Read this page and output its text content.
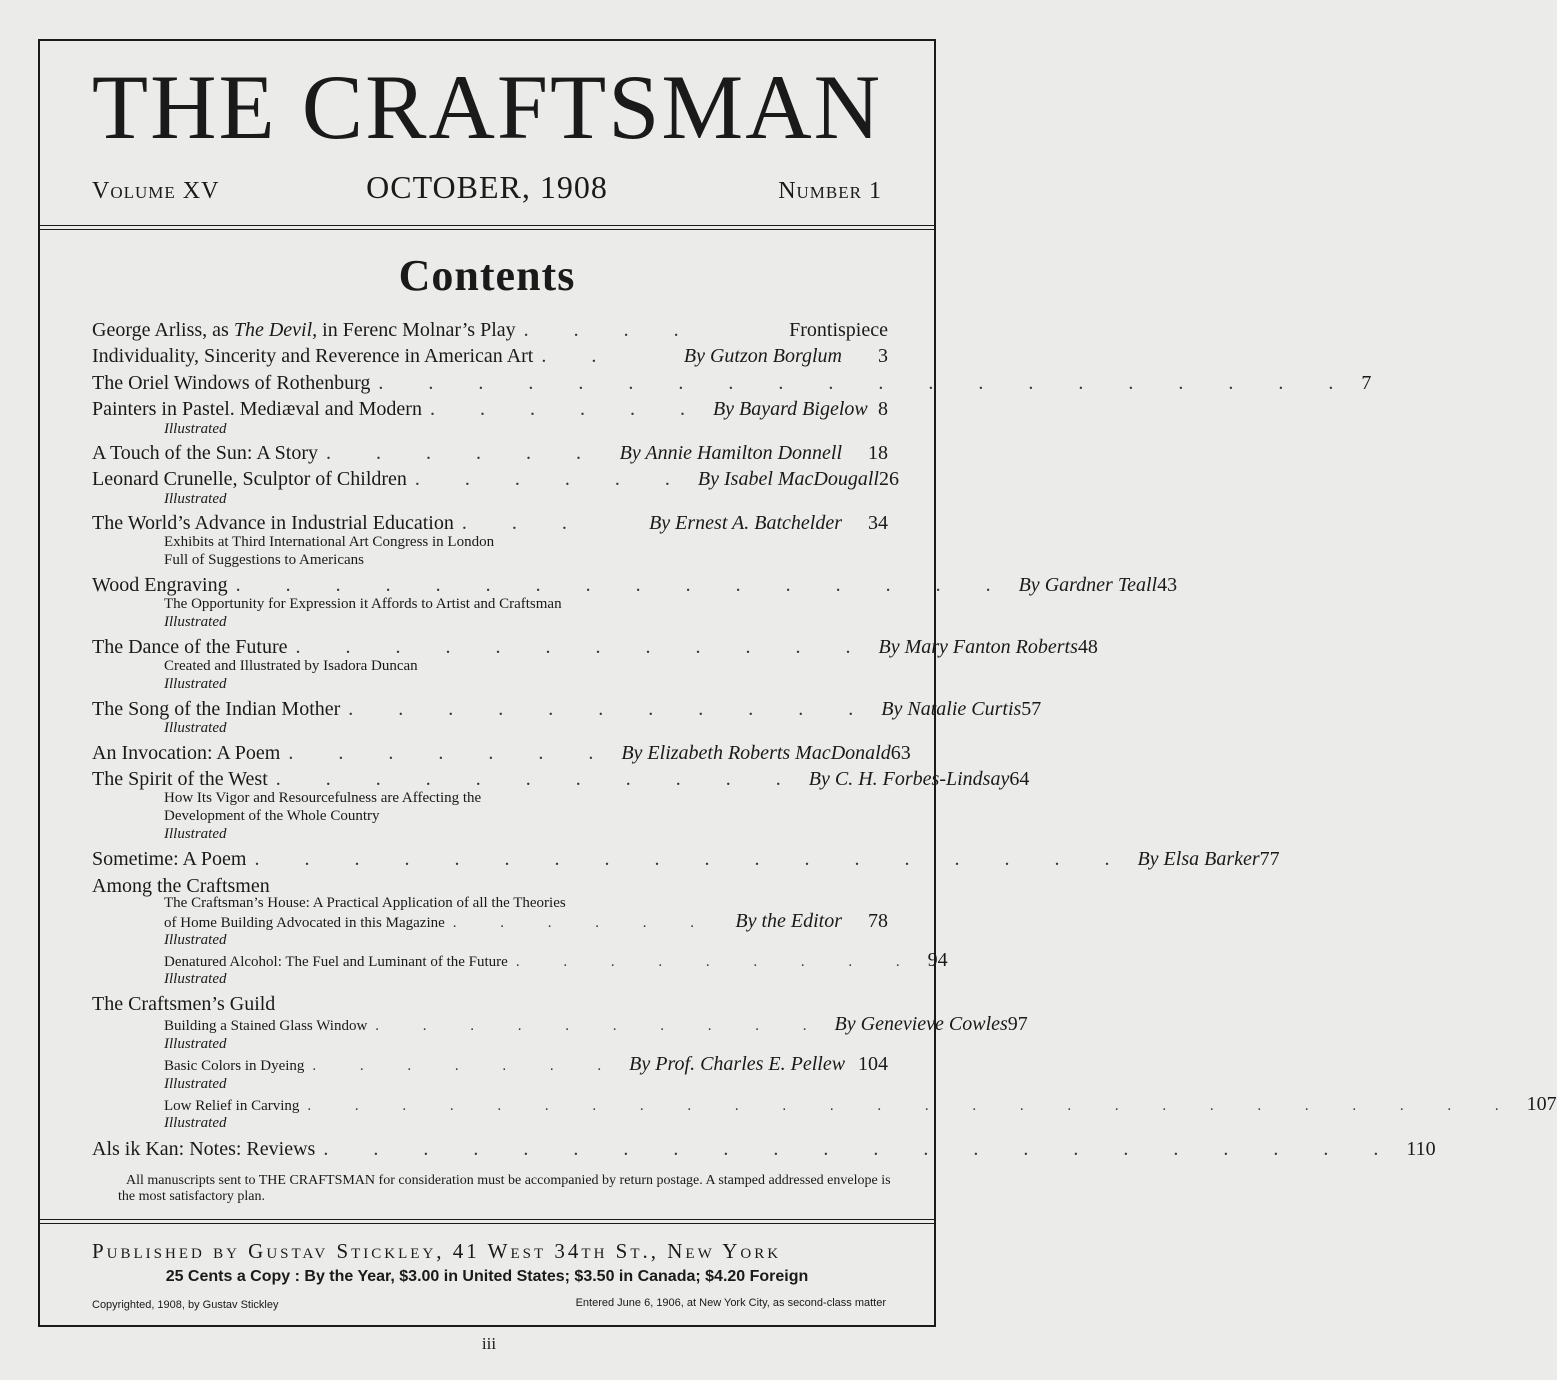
THE CRAFTSMAN
Volume XV	OCTOBER, 1908	Number 1
Contents
George Arliss, as The Devil, in Ferenc Molnar’s Play . . . .	Frontispiece
Individuality, Sincerity and Reverence in American Art . .	By Gutzon Borglum	3
The Oriel Windows of Rothenburg . . . . . . . . . . . . . . . . . . . . 7
Painters in Pastel. Mediæval and Modern . . . . . . By Bayard Bigelow 8
Illustrated
A Touch of the Sun: A Story . . . . . . By Annie Hamilton Donnell	18
Leonard Crunelle, Sculptor of Children . . . . . . By Isabel MacDougall 26
Illustrated
The World’s Advance in Industrial Education . . .	By Ernest A. Batchelder	34
Exhibits at Third International Art Congress in London
Full of Suggestions to Americans
Wood Engraving . . . . . . . . . . . . . . . . By Gardner Teall 43
The Opportunity for Expression it Affords to Artist and Craftsman
Illustrated
The Dance of the Future . . . . . . . . . . . . By Mary Fanton Roberts 48
Created and Illustrated by Isadora Duncan
Illustrated
The Song of the Indian Mother . . . . . . . . . . . By Natalie Curtis 57
Illustrated
An Invocation: A Poem . . . . . . . By Elizabeth Roberts MacDonald 63
The Spirit of the West . . . . . . . . . . . By C. H. Forbes-Lindsay 64
How Its Vigor and Resourcefulness are Affecting the
Development of the Whole Country
Illustrated
Sometime: A Poem . . . . . . . . . . . . . . . . . . By Elsa Barker 77
Among the Craftsmen
The Craftsman’s House: A Practical Application of all the Theories
of Home Building Advocated in this Magazine . . . . . .	By the Editor	78
Illustrated
Denatured Alcohol: The Fuel and Luminant of the Future . . . . . . . . . 94
Illustrated
The Craftsmen’s Guild
Building a Stained Glass Window . . . . . . . . . . By Genevieve Cowles 97
Illustrated
Basic Colors in Dyeing . . . . . . . By Prof. Charles E. Pellew 104
Illustrated
Low Relief in Carving . . . . . . . . . . . . . . . . . . . . . . . . . . 107
Illustrated
Als ik Kan: Notes: Reviews . . . . . . . . . . . . . . . . . . . . . . 110
All manuscripts sent to THE CRAFTSMAN for consideration must be accompanied by return postage. A stamped addressed envelope is the most satisfactory plan.
Published by Gustav Stickley, 41 West 34th St., New York
25 Cents a Copy : By the Year, $3.00 in United States; $3.50 in Canada; $4.20 Foreign
Copyrighted, 1908, by Gustav Stickley	Entered June 6, 1906, at New York City, as second-class matter
iii
